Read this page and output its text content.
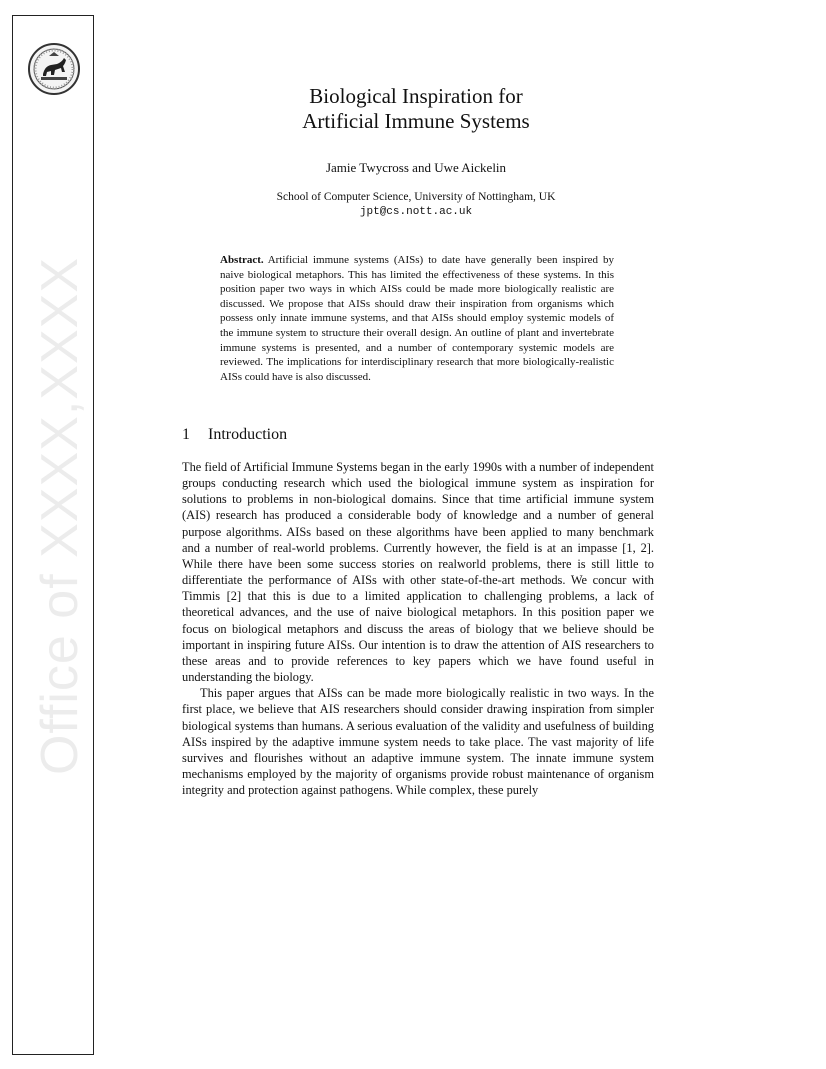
Office of XXXX,XXXX
Biological Inspiration for
Artificial Immune Systems
Jamie Twycross and Uwe Aickelin
School of Computer Science, University of Nottingham, UK
jpt@cs.nott.ac.uk
Abstract. Artificial immune systems (AISs) to date have generally been inspired by naive biological metaphors. This has limited the effectiveness of these systems. In this position paper two ways in which AISs could be made more biologically realistic are discussed. We propose that AISs should draw their inspiration from organisms which possess only innate immune systems, and that AISs should employ systemic models of the immune system to structure their overall design. An outline of plant and invertebrate immune systems is presented, and a number of contemporary systemic models are reviewed. The implications for interdisciplinary research that more biologically-realistic AISs could have is also discussed.
1 Introduction

The field of Artificial Immune Systems began in the early 1990s with a number of independent groups conducting research which used the biological immune system as inspiration for solutions to problems in non-biological domains. Since that time artificial immune system (AIS) research has produced a considerable body of knowledge and a number of general purpose algorithms. AISs based on these algorithms have been applied to many benchmark and a number of real-world problems. Currently however, the field is at an impasse [1, 2]. While there have been some success stories on realworld problems, there is still little to differentiate the performance of AISs with other state-of-the-art methods. We concur with Timmis [2] that this is due to a limited application to challenging problems, a lack of theoretical advances, and the use of naive biological metaphors. In this position paper we focus on biological metaphors and discuss the areas of biology that we believe should be important in inspiring future AISs. Our intention is to draw the attention of AIS researchers to these areas and to provide references to key papers which we have found useful in understanding the biology.

This paper argues that AISs can be made more biologically realistic in two ways. In the first place, we believe that AIS researchers should consider drawing inspiration from simpler biological systems than humans. A serious evaluation of the validity and usefulness of building AISs inspired by the adaptive immune system needs to take place. The vast majority of life survives and flourishes without an adaptive immune system. The innate immune system mechanisms employed by the majority of organisms provide robust maintenance of organism integrity and protection against pathogens. While complex, these purely
